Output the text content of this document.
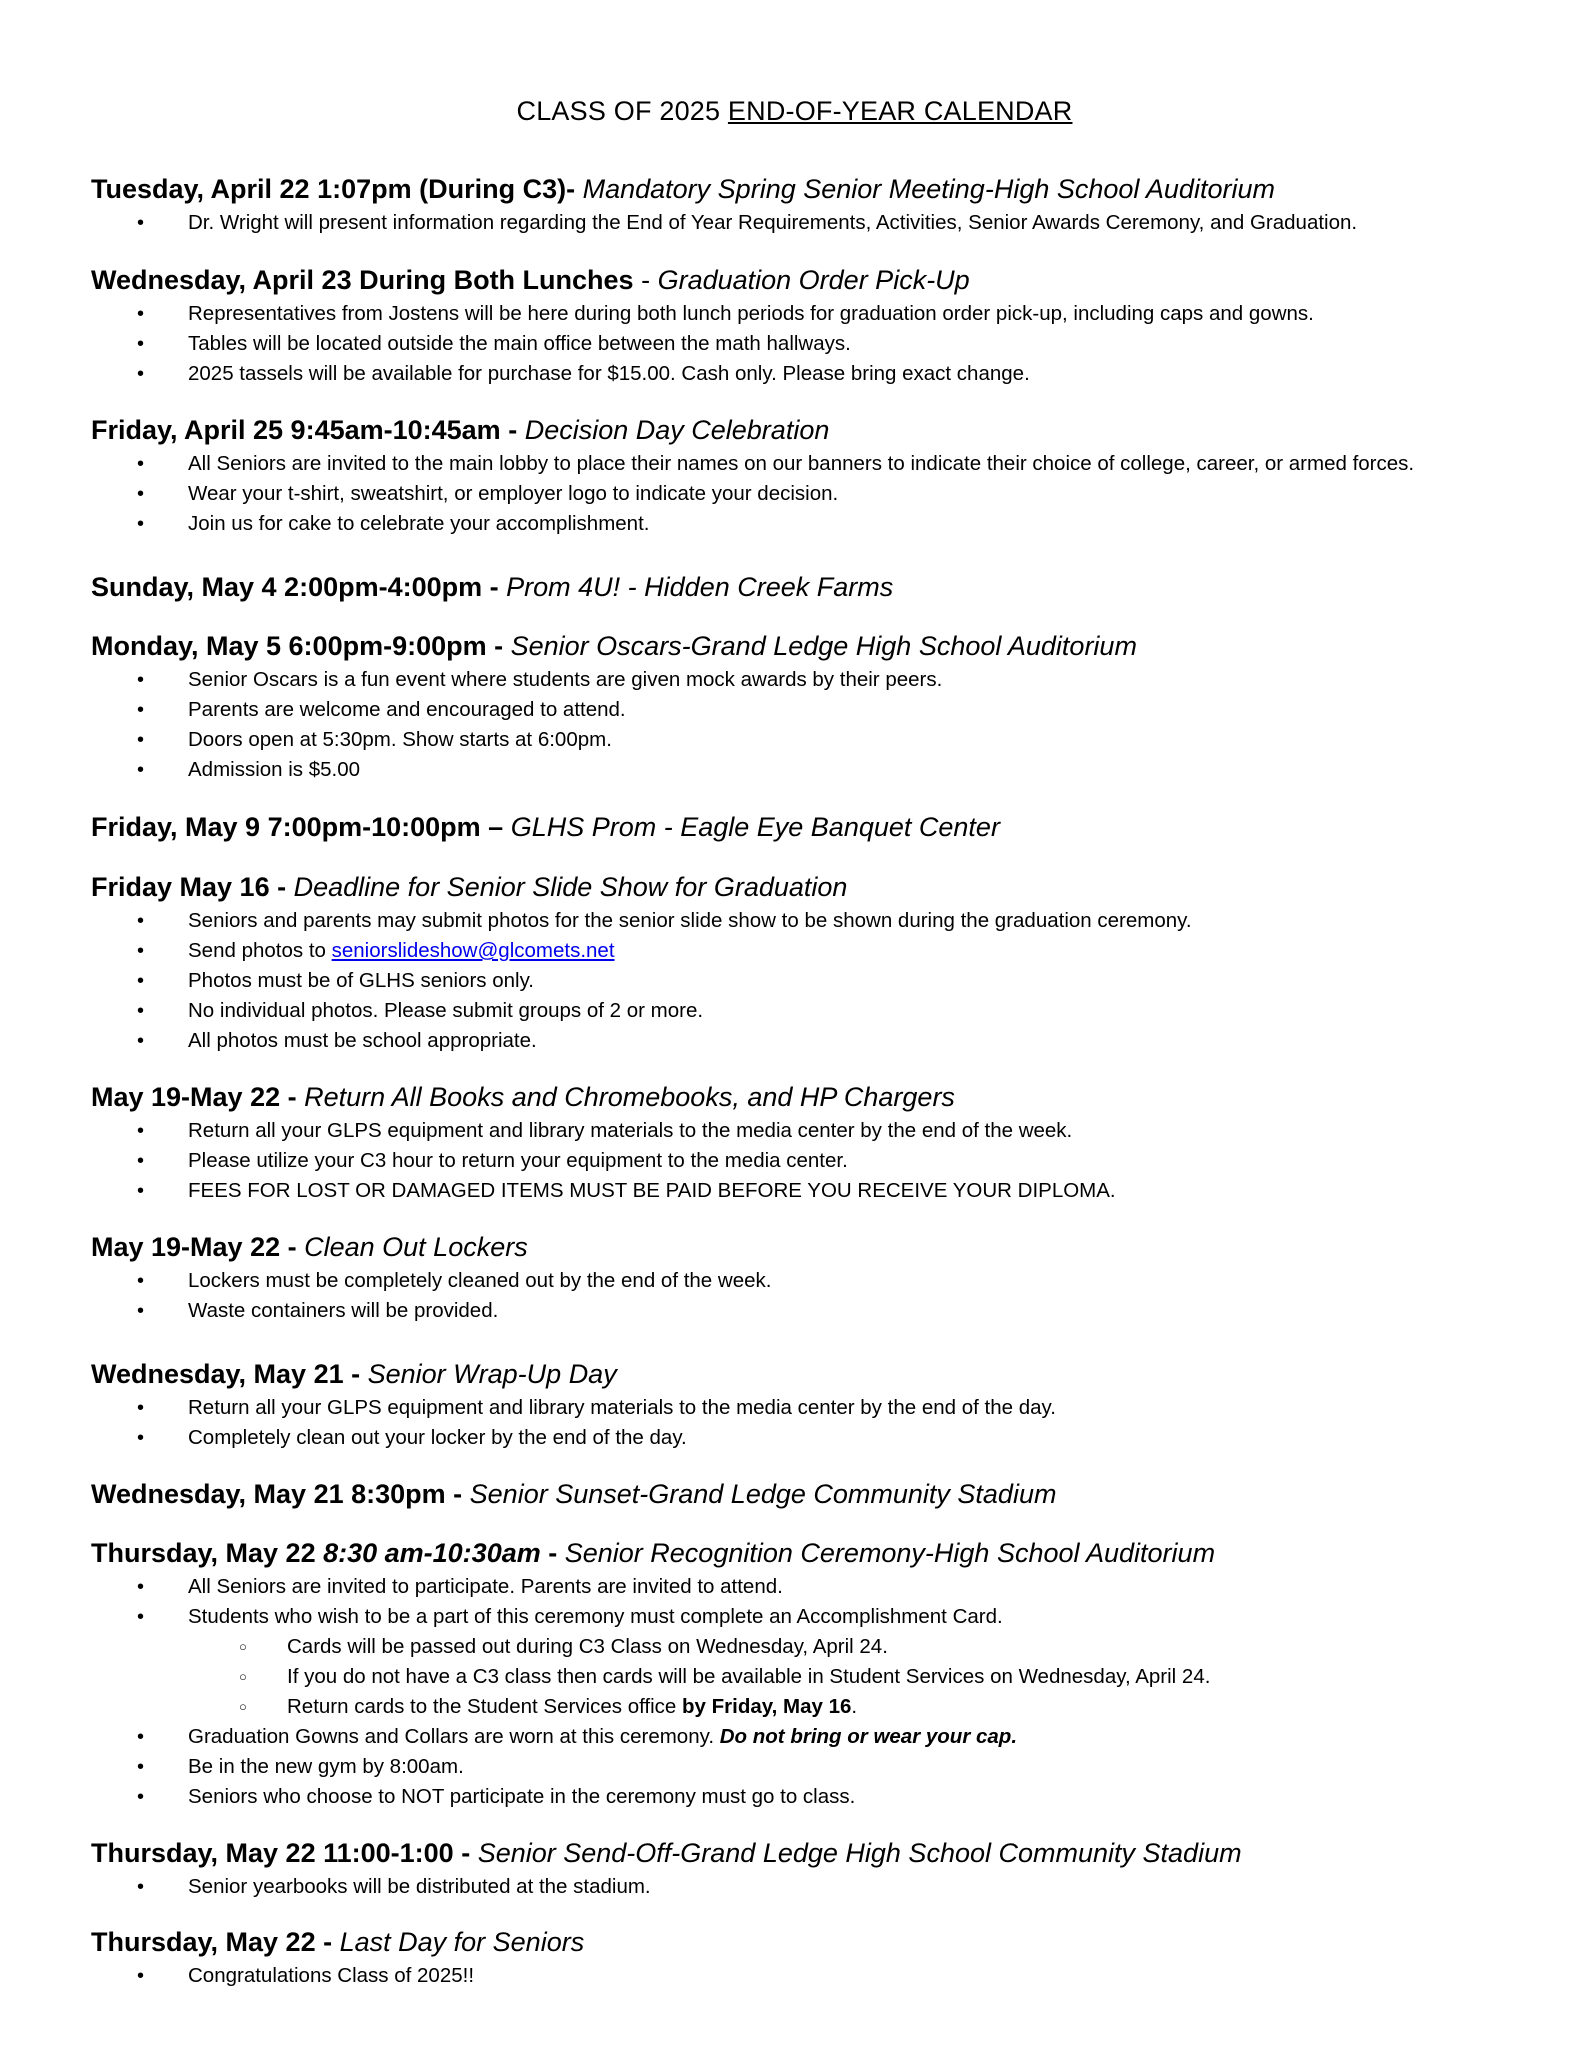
CLASS OF 2025 END-OF-YEAR CALENDAR
Tuesday, April 22 1:07pm (During C3)- Mandatory Spring Senior Meeting-High School Auditorium
• Dr. Wright will present information regarding the End of Year Requirements, Activities, Senior Awards Ceremony, and Graduation.
Wednesday, April 23 During Both Lunches - Graduation Order Pick-Up
• Representatives from Jostens will be here during both lunch periods for graduation order pick-up, including caps and gowns.
• Tables will be located outside the main office between the math hallways.
• 2025 tassels will be available for purchase for $15.00. Cash only. Please bring exact change.
Friday, April 25 9:45am-10:45am - Decision Day Celebration
• All Seniors are invited to the main lobby to place their names on our banners to indicate their choice of college, career, or armed forces.
• Wear your t-shirt, sweatshirt, or employer logo to indicate your decision.
• Join us for cake to celebrate your accomplishment.
Sunday, May 4 2:00pm-4:00pm - Prom 4U! - Hidden Creek Farms
Monday, May 5 6:00pm-9:00pm - Senior Oscars-Grand Ledge High School Auditorium
• Senior Oscars is a fun event where students are given mock awards by their peers.
• Parents are welcome and encouraged to attend.
• Doors open at 5:30pm. Show starts at 6:00pm.
• Admission is $5.00
Friday, May 9 7:00pm-10:00pm – GLHS Prom - Eagle Eye Banquet Center
Friday May 16 - Deadline for Senior Slide Show for Graduation
• Seniors and parents may submit photos for the senior slide show to be shown during the graduation ceremony.
• Send photos to seniorslideshow@glcomets.net
• Photos must be of GLHS seniors only.
• No individual photos. Please submit groups of 2 or more.
• All photos must be school appropriate.
May 19-May 22 - Return All Books and Chromebooks, and HP Chargers
• Return all your GLPS equipment and library materials to the media center by the end of the week.
• Please utilize your C3 hour to return your equipment to the media center.
• FEES FOR LOST OR DAMAGED ITEMS MUST BE PAID BEFORE YOU RECEIVE YOUR DIPLOMA.
May 19-May 22 - Clean Out Lockers
• Lockers must be completely cleaned out by the end of the week.
• Waste containers will be provided.
Wednesday, May 21 - Senior Wrap-Up Day
• Return all your GLPS equipment and library materials to the media center by the end of the day.
• Completely clean out your locker by the end of the day.
Wednesday, May 21 8:30pm - Senior Sunset-Grand Ledge Community Stadium
Thursday, May 22 8:30 am-10:30am - Senior Recognition Ceremony-High School Auditorium
• All Seniors are invited to participate. Parents are invited to attend.
• Students who wish to be a part of this ceremony must complete an Accomplishment Card.
○ Cards will be passed out during C3 Class on Wednesday, April 24.
○ If you do not have a C3 class then cards will be available in Student Services on Wednesday, April 24.
○ Return cards to the Student Services office by Friday, May 16.
• Graduation Gowns and Collars are worn at this ceremony. Do not bring or wear your cap.
• Be in the new gym by 8:00am.
• Seniors who choose to NOT participate in the ceremony must go to class.
Thursday, May 22 11:00-1:00 - Senior Send-Off-Grand Ledge High School Community Stadium
• Senior yearbooks will be distributed at the stadium.
Thursday, May 22 - Last Day for Seniors
• Congratulations Class of 2025!!
